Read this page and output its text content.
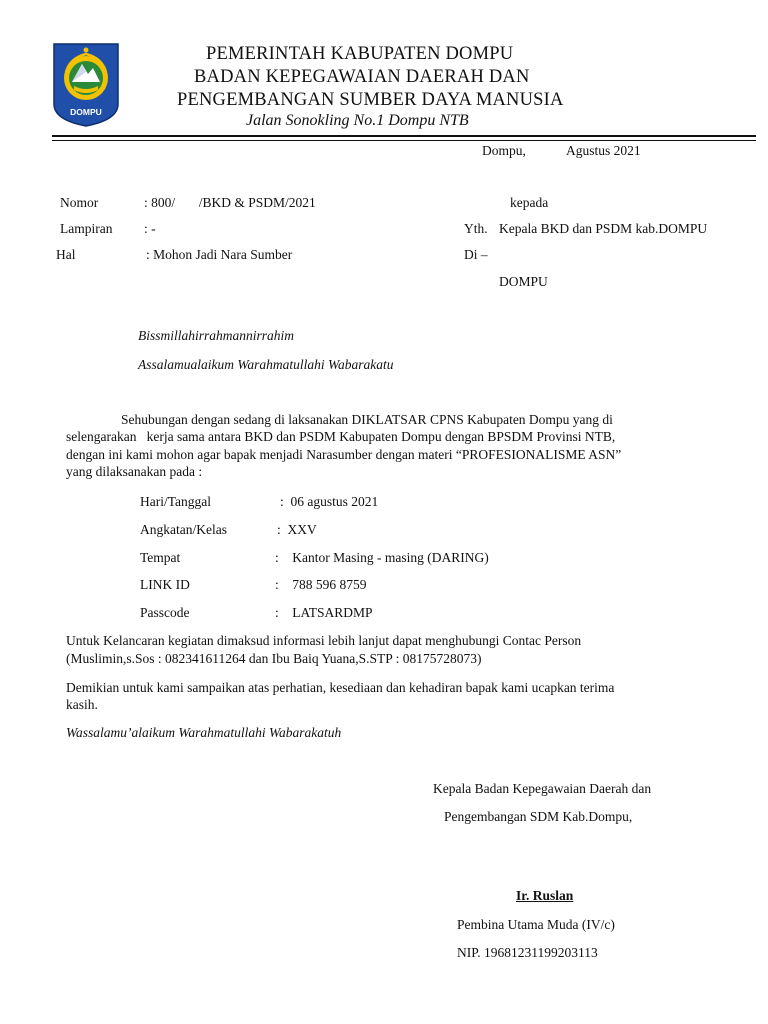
DOMPU
PEMERINTAH KABUPATEN DOMPU
BADAN KEPEGAWAIAN DAERAH DAN
PENGEMBANGAN SUMBER DAYA MANUSIA
Jalan Sonokling No.1 Dompu NTB
Dompu,	Agustus 2021
Nomor	: 800/       /BKD & PSDM/2021
Lampiran : -
Hal	: Mohon Jadi Nara Sumber
kepada
Yth. Kepala BKD dan PSDM kab.DOMPU
Di –
DOMPU
Bissmillahirrahmannirrahim
Assalamualaikum Warahmatullahi Wabarakatu
Sehubungan dengan sedang di laksanakan DIKLATSAR CPNS Kabupaten Dompu yang di
selengarakan   kerja sama antara BKD dan PSDM Kabupaten Dompu dengan BPSDM Provinsi NTB,
dengan ini kami mohon agar bapak menjadi Narasumber dengan materi “PROFESIONALISME ASN”
yang dilaksanakan pada :
Hari/Tanggal	:  06 agustus 2021
Angkatan/Kelas	:  XXV
Tempat	:    Kantor Masing - masing (DARING)
LINK ID	:    788 596 8759
Passcode	:    LATSARDMP
Untuk Kelancaran kegiatan dimaksud informasi lebih lanjut dapat menghubungi Contac Person
(Muslimin,s.Sos : 082341611264 dan Ibu Baiq Yuana,S.STP : 08175728073)
Demikian untuk kami sampaikan atas perhatian, kesediaan dan kehadiran bapak kami ucapkan terima
kasih.
Wassalamu’alaikum Warahmatullahi Wabarakatuh
Kepala Badan Kepegawaian Daerah dan
Pengembangan SDM Kab.Dompu,
Ir. Ruslan
Pembina Utama Muda (IV/c)
NIP. 19681231199203113
